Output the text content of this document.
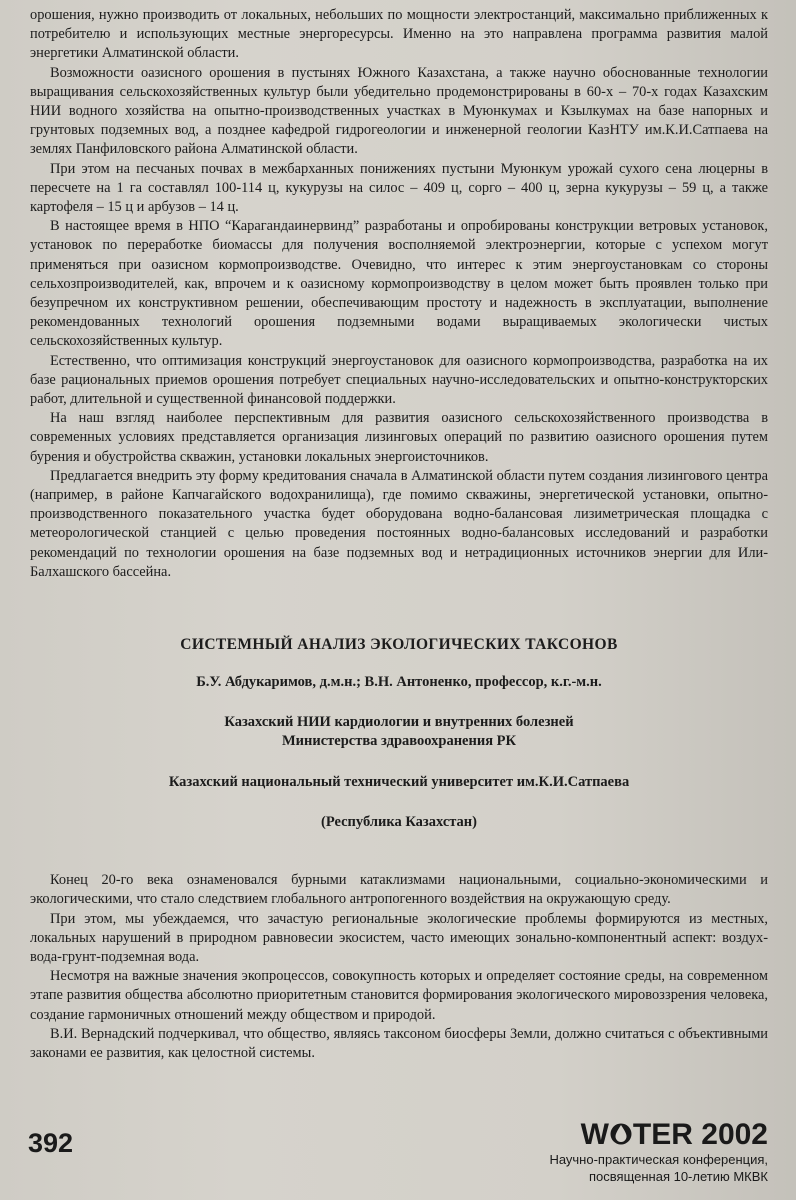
орошения, нужно производить от локальных, небольших по мощности электростанций, максимально приближенных к потребителю и использующих местные энергоресурсы. Именно на это направлена программа развития малой энергетики Алматинской области.

Возможности оазисного орошения в пустынях Южного Казахстана, а также научно обоснованные технологии выращивания сельскохозяйственных культур были убедительно продемонстрированы в 60-х – 70-х годах Казахским НИИ водного хозяйства на опытно-производственных участках в Муюнкумах и Кзылкумах на базе напорных и грунтовых подземных вод, а позднее кафедрой гидрогеологии и инженерной геологии КазНТУ им.К.И.Сатпаева на землях Панфиловского района Алматинской области.

При этом на песчаных почвах в межбарханных понижениях пустыни Муюнкум урожай сухого сена люцерны в пересчете на 1 га составлял 100-114 ц, кукурузы на силос – 409 ц, сорго – 400 ц, зерна кукурузы – 59 ц, а также картофеля – 15 ц и арбузов – 14 ц.

В настоящее время в НПО “Карагандаинервинд” разработаны и опробированы конструкции ветровых установок, установок по переработке биомассы для получения восполняемой электроэнергии, которые с успехом могут применяться при оазисном кормопроизводстве. Очевидно, что интерес к этим энергоустановкам со стороны сельхозпроизводителей, как, впрочем и к оазисному кормопроизводству в целом может быть проявлен только при безупречном их конструктивном решении, обеспечивающим простоту и надежность в эксплуатации, выполнение рекомендованных технологий орошения подземными водами выращиваемых экологически чистых сельскохозяйственных культур.

Естественно, что оптимизация конструкций энергоустановок для оазисного кормопроизводства, разработка на их базе рациональных приемов орошения потребует специальных научно-исследовательских и опытно-конструкторских работ, длительной и существенной финансовой поддержки.

На наш взгляд наиболее перспективным для развития оазисного сельскохозяйственного производства в современных условиях представляется организация лизинговых операций по развитию оазисного орошения путем бурения и обустройства скважин, установки локальных энергоисточников.

Предлагается внедрить эту форму кредитования сначала в Алматинской области путем создания лизингового центра (например, в районе Капчагайского водохранилища), где помимо скважины, энергетической установки, опытно-производственного показательного участка будет оборудована водно-балансовая лизиметрическая площадка с метеорологической станцией с целью проведения постоянных водно-балансовых исследований и разработки рекомендаций по технологии орошения на базе подземных вод и нетрадиционных источников энергии для Или-Балхашского бассейна.

СИСТЕМНЫЙ АНАЛИЗ ЭКОЛОГИЧЕСКИХ ТАКСОНОВ
Б.У. Абдукаримов, д.м.н.; В.Н. Антоненко, профессор, к.г.-м.н.
Казахский НИИ кардиологии и внутренних болезней
Министерства здравоохранения РК
Казахский национальный технический университет им.К.И.Сатпаева
(Республика Казахстан)

Конец 20-го века ознаменовался бурными катаклизмами национальными, социально-экономическими и экологическими, что стало следствием глобального антропогенного воздействия на окружающую среду.

При этом, мы убеждаемся, что зачастую региональные экологические проблемы формируются из местных, локальных нарушений в природном равновесии экосистем, часто имеющих зонально-компонентный аспект: воздух-вода-грунт-подземная вода.

Несмотря на важные значения экопроцессов, совокупность которых и определяет состояние среды, на современном этапе развития общества абсолютно приоритетным становится формирования экологического мировоззрения человека, создание гармоничных отношений между обществом и природой.

В.И. Вернадский подчеркивал, что общество, являясь таксоном биосферы Земли, должно считаться с объективными законами ее развития, как целостной системы.

392	W TER 2002
Научно-практическая конференция,
посвященная 10-летию МКВК
